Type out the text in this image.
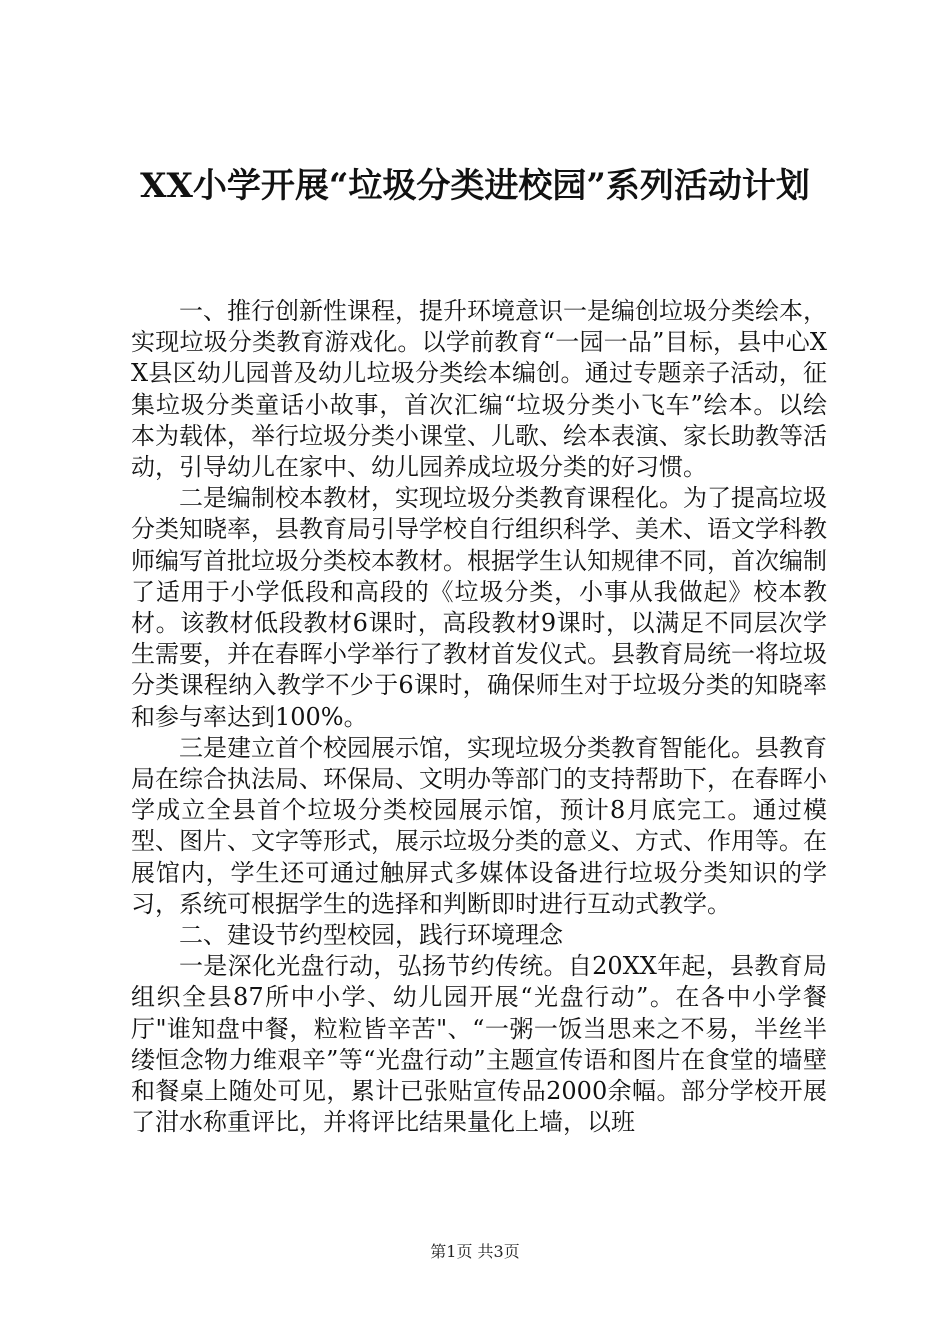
XX小学开展“垃圾分类进校园”系列活动计划

一、推行创新性课程，提升环境意识一是编创垃圾分类绘本，实现垃圾分类教育游戏化。以学前教育“一园一品”目标，县中心XX县区幼儿园普及幼儿垃圾分类绘本编创。通过专题亲子活动，征集垃圾分类童话小故事，首次汇编“垃圾分类小飞车”绘本。以绘本为载体，举行垃圾分类小课堂、儿歌、绘本表演、家长助教等活动，引导幼儿在家中、幼儿园养成垃圾分类的好习惯。

二是编制校本教材，实现垃圾分类教育课程化。为了提高垃圾分类知晓率，县教育局引导学校自行组织科学、美术、语文学科教师编写首批垃圾分类校本教材。根据学生认知规律不同，首次编制了适用于小学低段和高段的《垃圾分类，小事从我做起》校本教材。该教材低段教材6课时，高段教材9课时，以满足不同层次学生需要，并在春晖小学举行了教材首发仪式。县教育局统一将垃圾分类课程纳入教学不少于6课时，确保师生对于垃圾分类的知晓率和参与率达到100%。

三是建立首个校园展示馆，实现垃圾分类教育智能化。县教育局在综合执法局、环保局、文明办等部门的支持帮助下，在春晖小学成立全县首个垃圾分类校园展示馆，预计8月底完工。通过模型、图片、文字等形式，展示垃圾分类的意义、方式、作用等。在展馆内，学生还可通过触屏式多媒体设备进行垃圾分类知识的学习，系统可根据学生的选择和判断即时进行互动式教学。

二、建设节约型校园，践行环境理念

一是深化光盘行动，弘扬节约传统。自20XX年起，县教育局组织全县87所中小学、幼儿园开展“光盘行动”。在各中小学餐厅"谁知盘中餐，粒粒皆辛苦"、“一粥一饭当思来之不易，半丝半缕恒念物力维艰辛”等“光盘行动”主题宣传语和图片在食堂的墙壁和餐桌上随处可见，累计已张贴宣传品2000余幅。部分学校开展了泔水称重评比，并将评比结果量化上墙，以班

第1页 共3页
